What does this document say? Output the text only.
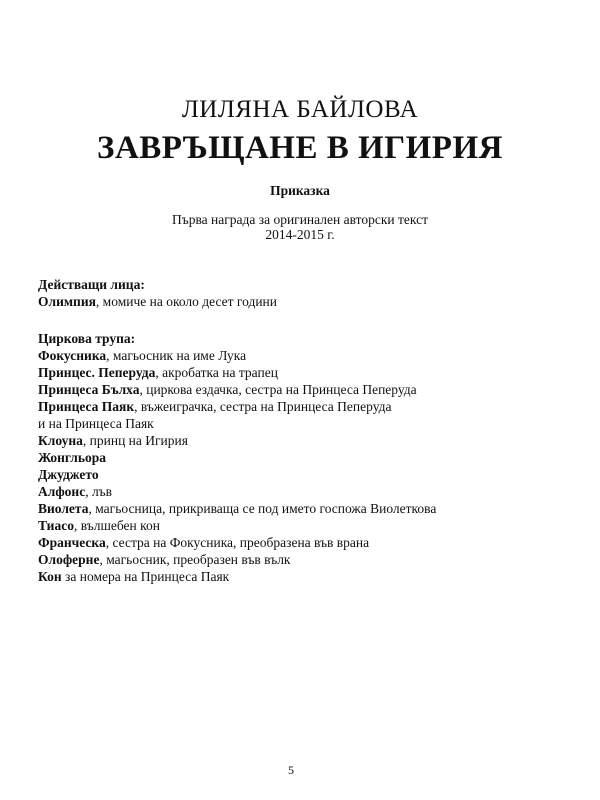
ЛИЛЯНА БАЙЛОВА
ЗАВРЪЩАНЕ В ИГИРИЯ
Приказка
Първа награда за оригинален авторски текст
2014-2015 г.
Действащи лица:
Олимпия, момиче на около десет години
Циркова трупа:
Фокусника, магьосник на име Лука
Принцес. Пеперуда, акробатка на трапец
Принцеса Бълха, циркова ездачка, сестра на Принцеса Пеперуда
Принцеса Паяк, въжеиграчка, сестра на Принцеса Пеперуда
и на Принцеса Паяк
Клоуна, принц на Игирия
Жонгльора
Джуджето
Алфонс, лъв
Виолета, магьосница, прикриваща се под името госпожа Виолеткова
Тиасо, вълшебен кон
Франческа, сестра на Фокусника, преобразена във врана
Олоферне, магьосник, преобразен във вълк
Кон за номера на Принцеса Паяк
5
